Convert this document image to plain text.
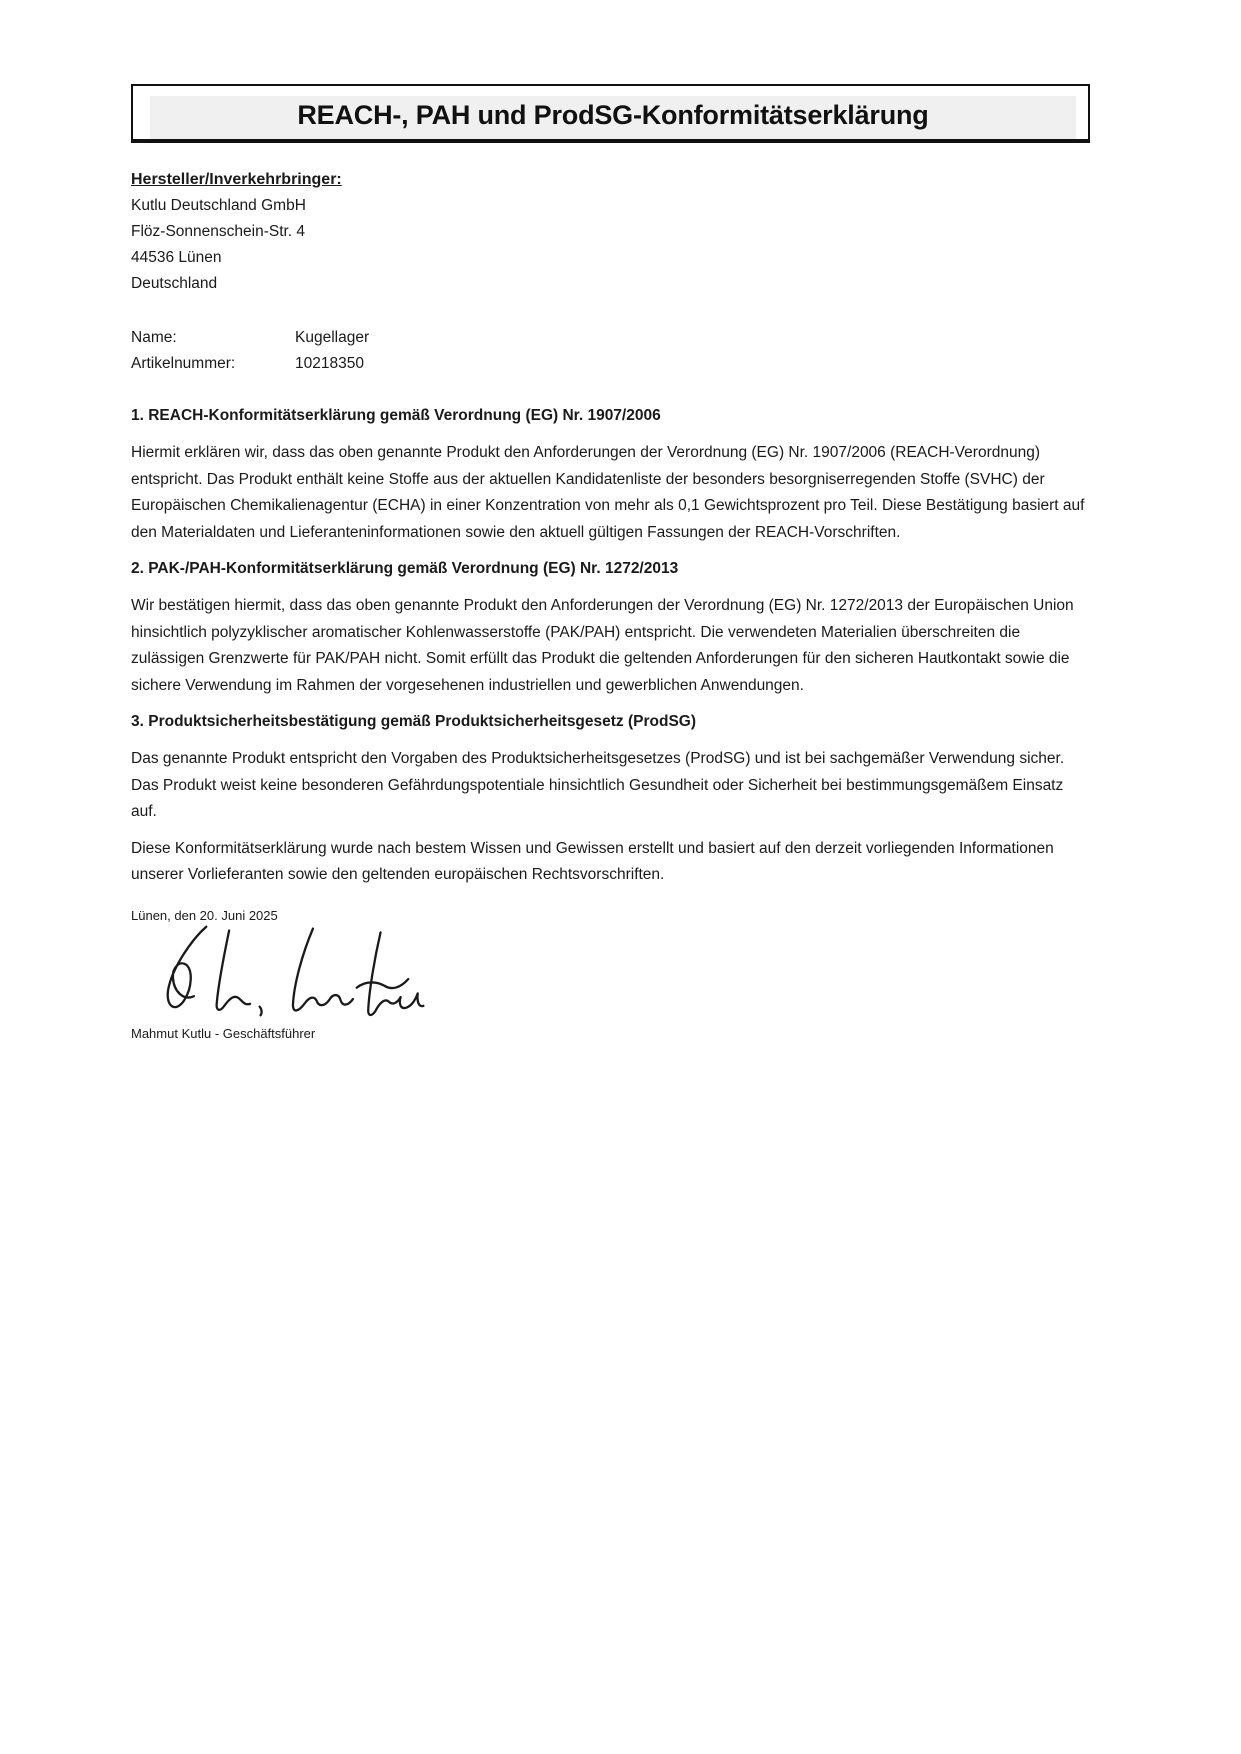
REACH-, PAH und ProdSG-Konformitätserklärung
Hersteller/Inverkehrbringer:
Kutlu Deutschland GmbH
Flöz-Sonnenschein-Str. 4
44536 Lünen
Deutschland
Name:	Kugellager
Artikelnummer:	10218350
1. REACH-Konformitätserklärung gemäß Verordnung (EG) Nr. 1907/2006

Hiermit erklären wir, dass das oben genannte Produkt den Anforderungen der Verordnung (EG) Nr. 1907/2006 (REACH-Verordnung) entspricht. Das Produkt enthält keine Stoffe aus der aktuellen Kandidatenliste der besonders besorgniserregenden Stoffe (SVHC) der Europäischen Chemikalienagentur (ECHA) in einer Konzentration von mehr als 0,1 Gewichtsprozent pro Teil. Diese Bestätigung basiert auf den Materialdaten und Lieferanteninformationen sowie den aktuell gültigen Fassungen der REACH-Vorschriften.

2. PAK-/PAH-Konformitätserklärung gemäß Verordnung (EG) Nr. 1272/2013

Wir bestätigen hiermit, dass das oben genannte Produkt den Anforderungen der Verordnung (EG) Nr. 1272/2013 der Europäischen Union hinsichtlich polyzyklischer aromatischer Kohlenwasserstoffe (PAK/PAH) entspricht. Die verwendeten Materialien überschreiten die zulässigen Grenzwerte für PAK/PAH nicht. Somit erfüllt das Produkt die geltenden Anforderungen für den sicheren Hautkontakt sowie die sichere Verwendung im Rahmen der vorgesehenen industriellen und gewerblichen Anwendungen.

3. Produktsicherheitsbestätigung gemäß Produktsicherheitsgesetz (ProdSG)

Das genannte Produkt entspricht den Vorgaben des Produktsicherheitsgesetzes (ProdSG) und ist bei sachgemäßer Verwendung sicher. Das Produkt weist keine besonderen Gefährdungspotentiale hinsichtlich Gesundheit oder Sicherheit bei bestimmungsgemäßem Einsatz auf.

Diese Konformitätserklärung wurde nach bestem Wissen und Gewissen erstellt und basiert auf den derzeit vorliegenden Informationen unserer Vorlieferanten sowie den geltenden europäischen Rechtsvorschriften.

Lünen, den 20. Juni 2025
Mahmut Kutlu - Geschäftsführer
